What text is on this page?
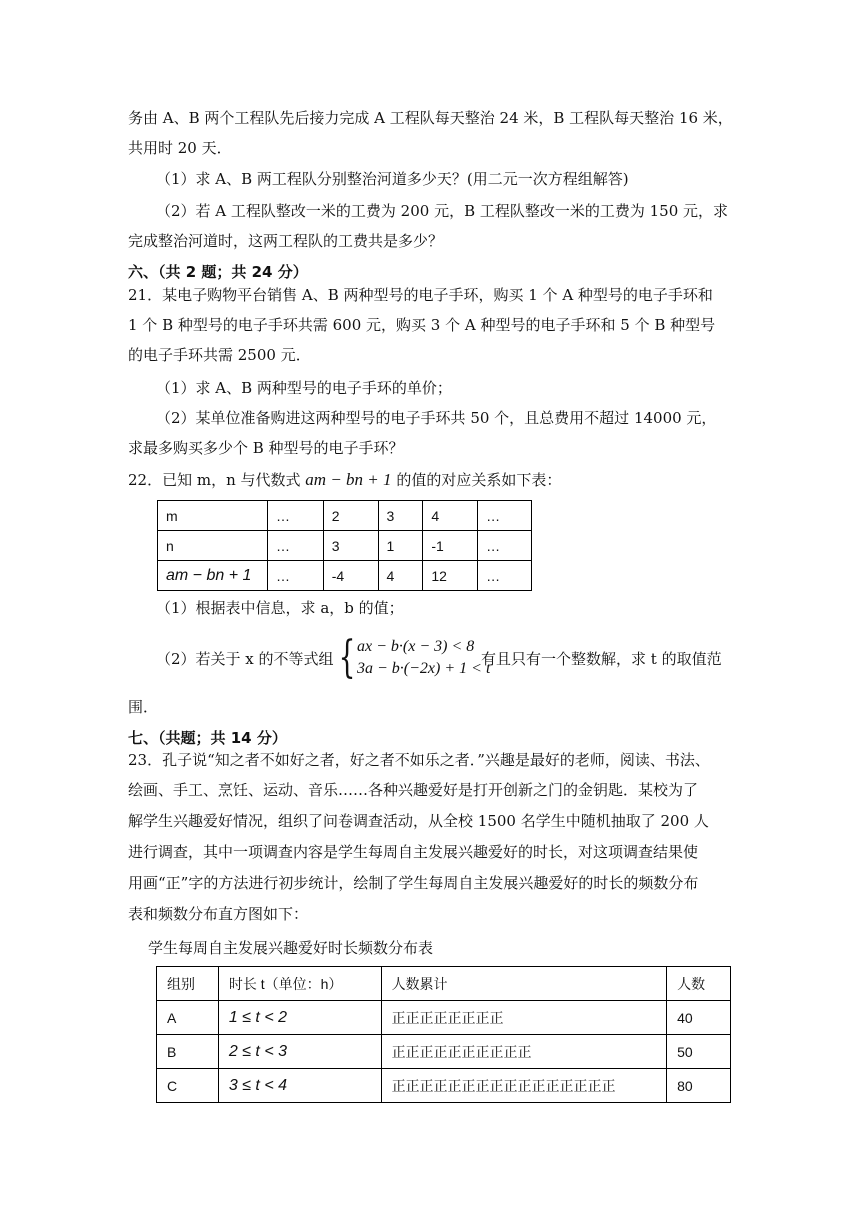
务由 A、B 两个工程队先后接力完成 A 工程队每天整治 24 米，B 工程队每天整治 16 米，
共用时 20 天．
（1）求 A、B 两工程队分别整治河道多少天？(用二元一次方程组解答)
（2）若 A 工程队整改一米的工费为 200 元，B 工程队整改一米的工费为 150 元，求
完成整治河道时，这两工程队的工费共是多少？
六、（共 2 题；共 24 分）
21．某电子购物平台销售 A、B 两种型号的电子手环，购买 1 个 A 种型号的电子手环和
1 个 B 种型号的电子手环共需 600 元，购买 3 个 A 种型号的电子手环和 5 个 B 种型号
的电子手环共需 2500 元．
（1）求 A、B 两种型号的电子手环的单价；
（2）某单位准备购进这两种型号的电子手环共 50 个，且总费用不超过 14000 元，
求最多购买多少个 B 种型号的电子手环？
22．已知 m，n 与代数式 am − bn + 1 的值的对应关系如下表：
m	…	2	3	4	…
n	…	3	1	-1	…
am − bn + 1	…	-4	4	12	…
（1）根据表中信息，求 a，b 的值；
（2）若关于 x 的不等式组 { ax − b·(x − 3) < 8
3a − b·(−2x) + 1 < t
有且只有一个整数解，求 t 的取值范
围．
七、（共题；共 14 分）
23．孔子说“知之者不如好之者，好之者不如乐之者．”兴趣是最好的老师，阅读、书法、
绘画、手工、烹饪、运动、音乐……各种兴趣爱好是打开创新之门的金钥匙．某校为了
解学生兴趣爱好情况，组织了问卷调查活动，从全校 1500 名学生中随机抽取了 200 人
进行调查，其中一项调查内容是学生每周自主发展兴趣爱好的时长，对这项调查结果使
用画“正”字的方法进行初步统计，绘制了学生每周自主发展兴趣爱好的时长的频数分布
表和频数分布直方图如下：
学生每周自主发展兴趣爱好时长频数分布表
组别	时长 t（单位：h）	人数累计	人数
A	1 ≤ t < 2	正正正正正正正正	40
B	2 ≤ t < 3	正正正正正正正正正正	50
C	3 ≤ t < 4	正正正正正正正正正正正正正正正正	80
